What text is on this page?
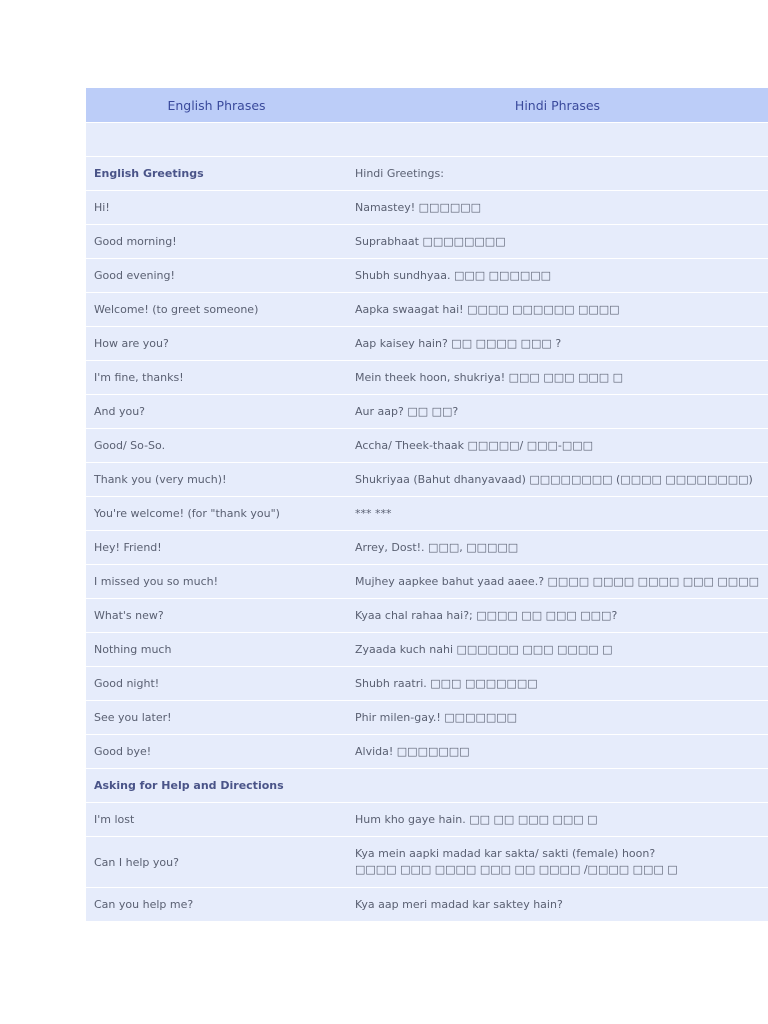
English Phrases	Hindi Phrases

English Greetings	Hindi Greetings:
Hi!	Namastey! □□□□□□
Good morning!	Suprabhaat □□□□□□□□
Good evening!	Shubh sundhyaa. □□□ □□□□□□
Welcome! (to greet someone)	Aapka swaagat hai! □□□□ □□□□□□ □□□□
How are you?	Aap kaisey hain? □□ □□□□ □□□ ?
I'm fine, thanks!	Mein theek hoon, shukriya! □□□ □□□ □□□ □
And you?	Aur aap? □□ □□?
Good/ So-So.	Accha/ Theek-thaak □□□□□/ □□□-□□□
Thank you (very much)!	Shukriyaa (Bahut dhanyavaad) □□□□□□□□ (□□□□ □□□□□□□□)
You're welcome! (for "thank you")	*** ***
Hey! Friend!	Arrey, Dost!. □□□, □□□□□
I missed you so much!	Mujhey aapkee bahut yaad aaee.? □□□□ □□□□ □□□□ □□□ □□□□
What's new?	Kyaa chal rahaa hai?; □□□□ □□ □□□ □□□?
Nothing much	Zyaada kuch nahi □□□□□□ □□□ □□□□ □
Good night!	Shubh raatri. □□□ □□□□□□□
See you later!	Phir milen-gay.! □□□□□□□
Good bye!	Alvida! □□□□□□□
Asking for Help and Directions	
I'm lost	Hum kho gaye hain. □□ □□ □□□ □□□ □
Can I help you?	Kya mein aapki madad kar sakta/ sakti (female) hoon?
□□□□ □□□ □□□□ □□□ □□ □□□□ /□□□□ □□□ □

Can you help me?	Kya aap meri madad kar saktey hain?
